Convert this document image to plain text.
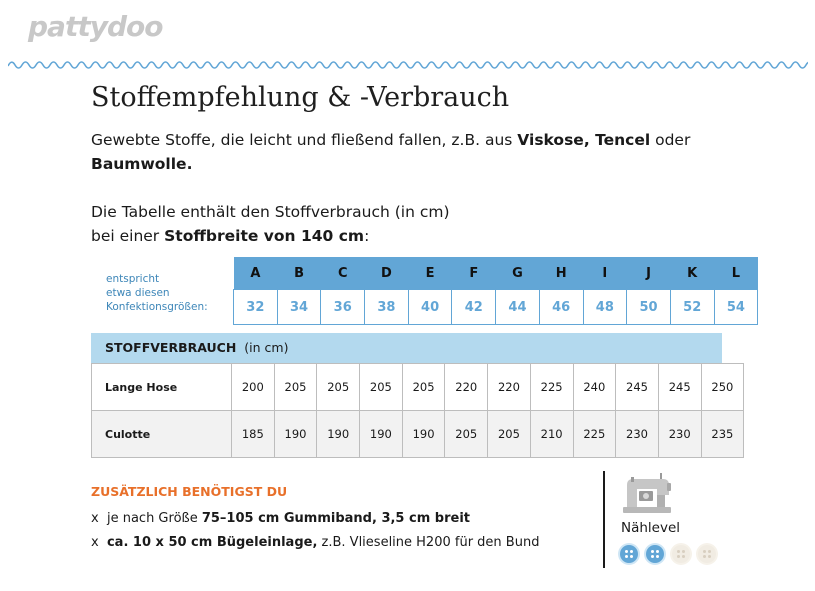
pattydoo
Stoffempfehlung & -Verbrauch
Gewebte Stoffe, die leicht und fließend fallen, z.B. aus Viskose, Tencel oder
Baumwolle.
Die Tabelle enthält den Stoffverbrauch (in cm)
bei einer Stoffbreite von 140 cm:
entspricht
etwa diesen
Konfektionsgrößen:
A	B	C	D	E	F	G	H	I	J	K	L
32	34	36	38	40	42	44	46	48	50	52	54
STOFFVERBRAUCH (in cm)
Lange Hose	200	205	205	205	205	220	220	225	240	245	245	250
Culotte	185	190	190	190	190	205	205	210	225	230	230	235
ZUSÄTZLICH BENÖTIGST DU
x je nach Größe 75–105 cm Gummiband, 3,5 cm breit
x ca. 10 x 50 cm Bügeleinlage, z.B. Vlieseline H200 für den Bund
Nählevel
